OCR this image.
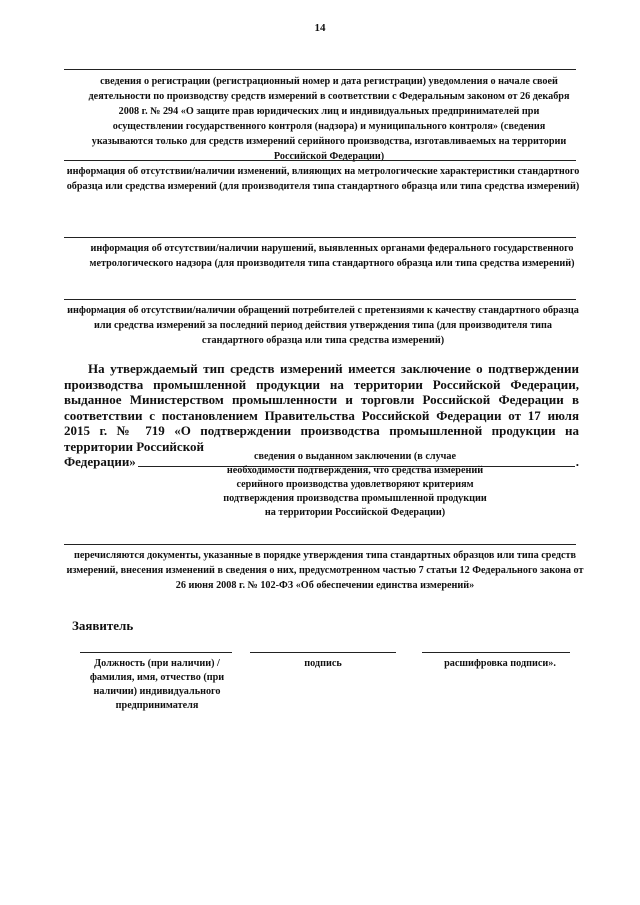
14
сведения о регистрации (регистрационный номер и дата регистрации) уведомления о начале своей деятельности по производству средств измерений в соответствии с Федеральным законом от 26 декабря 2008 г. № 294 «О защите прав юридических лиц и индивидуальных предпринимателей при осуществлении государственного контроля (надзора) и муниципального контроля» (сведения указываются только для средств измерений серийного производства, изготавливаемых на территории Российской Федерации)
информация об отсутствии/наличии изменений, влияющих на метрологические характеристики стандартного образца или средства измерений (для производителя типа стандартного образца или типа средства измерений)
информация об отсутствии/наличии нарушений, выявленных органами федерального государственного метрологического надзора (для производителя типа стандартного образца или типа средства измерений)
информация об отсутствии/наличии обращений потребителей с претензиями к качеству стандартного образца или средства измерений за последний период действия утверждения типа (для производителя типа стандартного образца или типа средства измерений)
На утверждаемый тип средств измерений имеется заключение о подтверждении производства промышленной продукции на территории Российской Федерации, выданное Министерством промышленности и торговли Российской Федерации в соответствии с постановлением Правительства Российской Федерации от 17 июля 2015 г. № 719 «О подтверждении производства промышленной продукции на территории Российской
Федерации»	.
сведения о выданном заключении (в случае необходимости подтверждения, что средства измерений серийного производства удовлетворяют критериям подтверждения производства промышленной продукции на территории Российской Федерации)
перечисляются документы, указанные в порядке утверждения типа стандартных образцов или типа средств измерений, внесения изменений в сведения о них, предусмотренном частью 7 статьи 12 Федерального закона от 26 июня 2008 г. № 102-ФЗ «Об обеспечении единства измерений»
Заявитель
Должность (при наличии) / фамилия, имя, отчество (при наличии) индивидуального предпринимателя
подпись	расшифровка подписи».
